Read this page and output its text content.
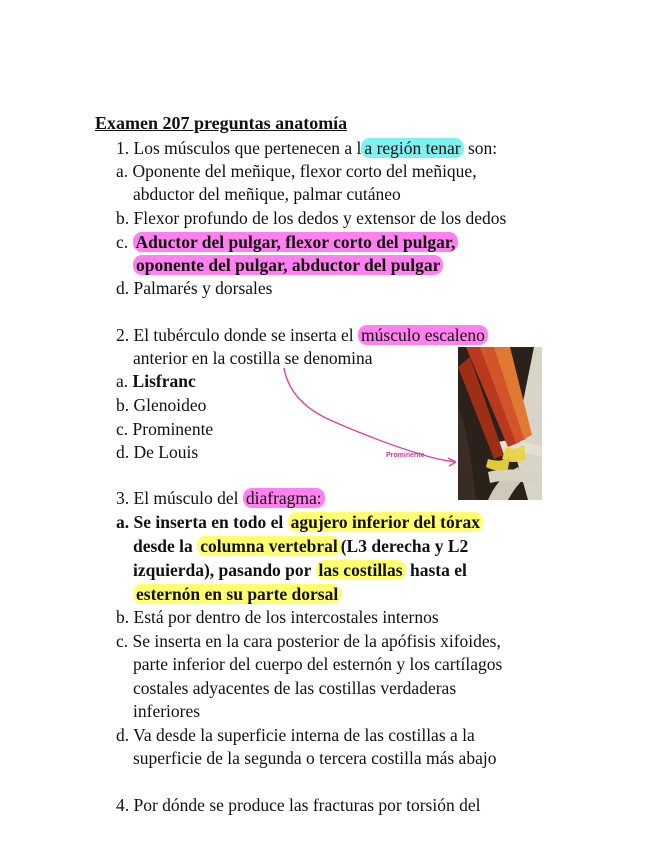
Examen 207 preguntas anatomía
1. Los músculos que pertenecen a l a región tenar son:
a. Oponente del meñique, flexor corto del meñique,
abductor del meñique, palmar cutáneo
b. Flexor profundo de los dedos y extensor de los dedos
c. Aductor del pulgar, flexor corto del pulgar,
oponente del pulgar, abductor del pulgar
d. Palmarés y dorsales
2. El tubérculo donde se inserta el músculo escaleno
anterior en la costilla se denomina
a. Lisfranc
b. Glenoideo
c. Prominente
d. De Louis	Prominente
3. El músculo del diafragma:
a. Se inserta en todo el agujero inferior del tórax
desde la columna vertebral (L3 derecha y L2
izquierda), pasando por las costillas hasta el
esternón en su parte dorsal
b. Está por dentro de los intercostales internos
c. Se inserta en la cara posterior de la apófisis xifoides,
parte inferior del cuerpo del esternón y los cartílagos
costales adyacentes de las costillas verdaderas
inferiores
d. Va desde la superficie interna de las costillas a la
superficie de la segunda o tercera costilla más abajo
4. Por dónde se produce las fracturas por torsión del
